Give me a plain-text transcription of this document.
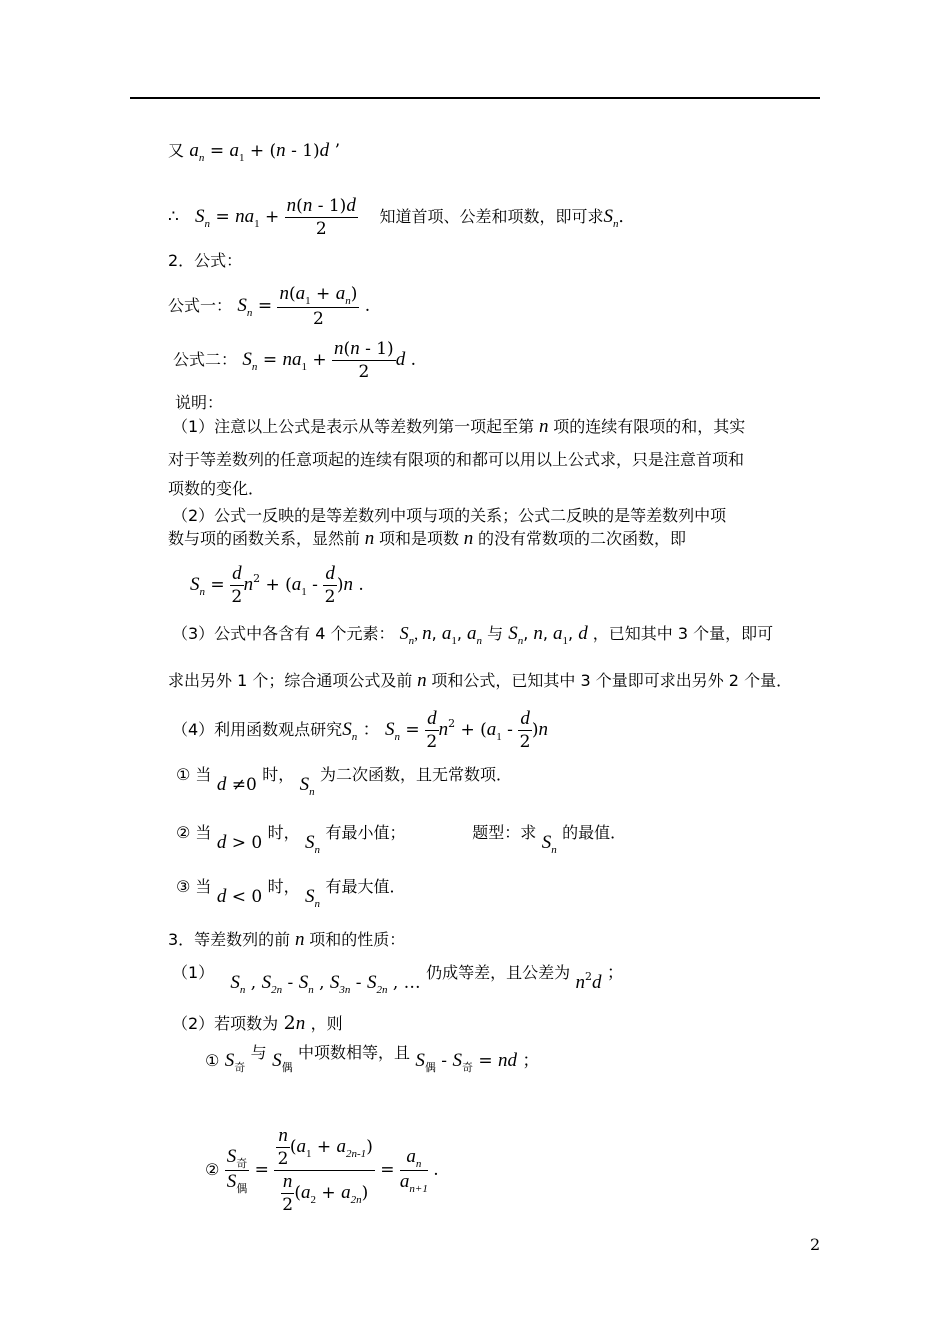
又 $a_n = a_1 + (n - 1)d$ ’
∴ $S_n = na_1 + \frac{n(n - 1)d}{2}$ 知道首项、公差和项数，即可求$S_n$．
2．公式：
公式一： $S_n = \frac{n(a_1 + a_n)}{2}$ .
公式二： $S_n = na_1 + \frac{n(n - 1)}{2}$ d .
说明：
（1）注意以上公式是表示从等差数列第一项起至第 n 项的连续有限项的和，其实
对于等差数列的任意项起的连续有限项的和都可以用以上公式求，只是注意首项和
项数的变化．
（2）公式一反映的是等差数列中项与项的关系；公式二反映的是等差数列中项
数与项的函数关系，显然前 n 项和是项数 n 的没有常数项的二次函数，即
$S_n = \frac{d}{2} n^2 + (a_1 - \frac{d}{2} )n$ .
（3）公式中各含有 4 个元素： $S_n$, n, $a_1$, $a_n$ 与 $S_n$, n, $a_1$, d ，已知其中 3 个量，即可
求出另外 1 个；综合通项公式及前 n 项和公式，已知其中 3 个量即可求出另外 2 个量．
（4）利用函数观点研究$S_n$ ： $S_n = \frac{d}{2} n^2 + (a_1 - \frac{d}{2} )n$
① 当 d ≠0 时， $S_n$ 为二次函数，且无常数项．
② 当 d > 0 时， $S_n$ 有最小值；	题型：求 $S_n$ 的最值．
③ 当 d < 0 时， $S_n$ 有最大值．
3．等差数列的前 n 项和的性质：
（1） $S_n$ , $S_{2n} - S_n$ , $S_{3n} - S_{2n}$ , … 仍成等差，且公差为 $n^2d$ ；
（2）若项数为 2n ，则
① $S_奇$ 与 $S_偶$ 中项数相等，且 $S_偶 - S_奇$ = nd ；
②
$S_奇$
$S_偶$
= $\frac{\frac{n}{2} (a_1 + a_{2n-1})}{\frac{n}{2} (a_2 + a_{2n})} = \frac{a_n}{a_{n+1}}$ .
2
